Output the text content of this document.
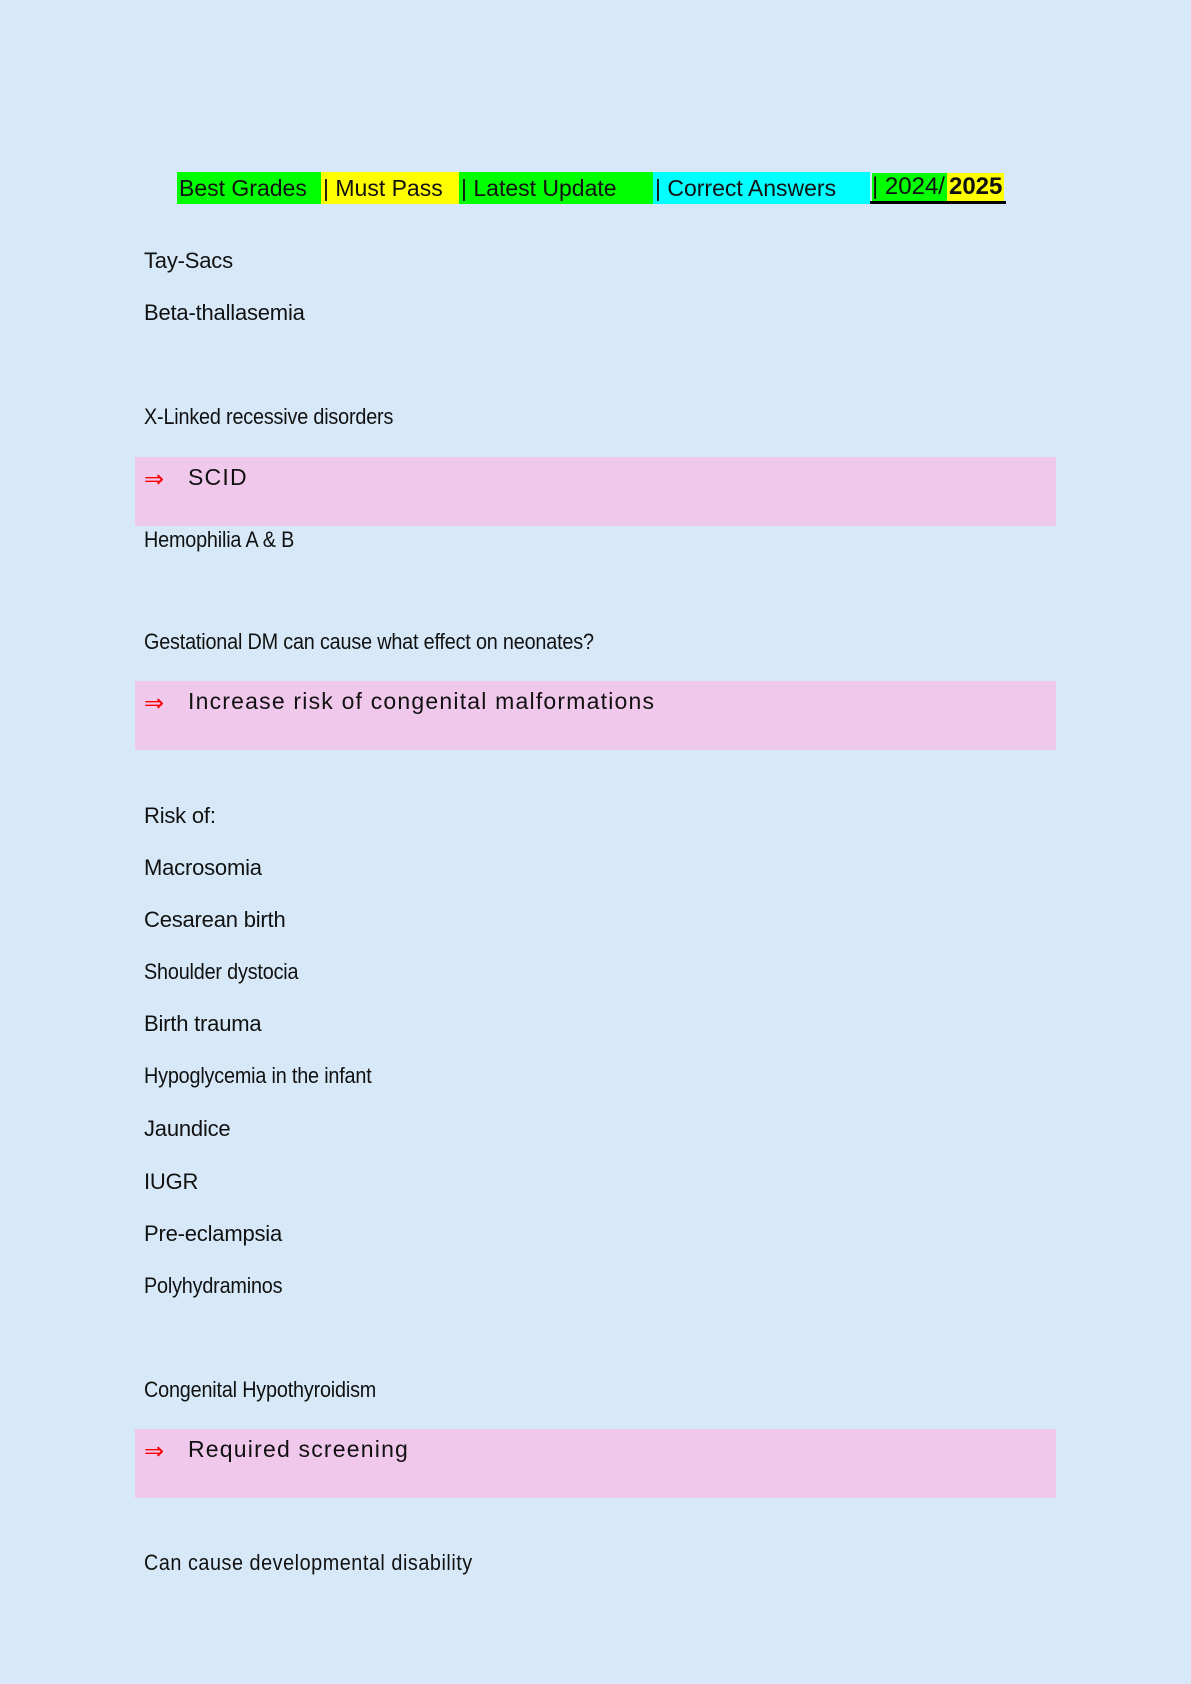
Best Grades | Must Pass | Latest Update	| Correct Answers	| 2024/ 2025
Tay-Sacs
Beta-thallasemia
X-Linked recessive disorders
⇒ SCID
Hemophilia A & B
Gestational DM can cause what effect on neonates?
⇒ Increase risk of congenital malformations
Risk of:
Macrosomia
Cesarean birth
Shoulder dystocia
Birth trauma
Hypoglycemia in the infant
Jaundice
IUGR
Pre-eclampsia
Polyhydraminos
Congenital Hypothyroidism
⇒ Required screening
Can cause developmental disability
